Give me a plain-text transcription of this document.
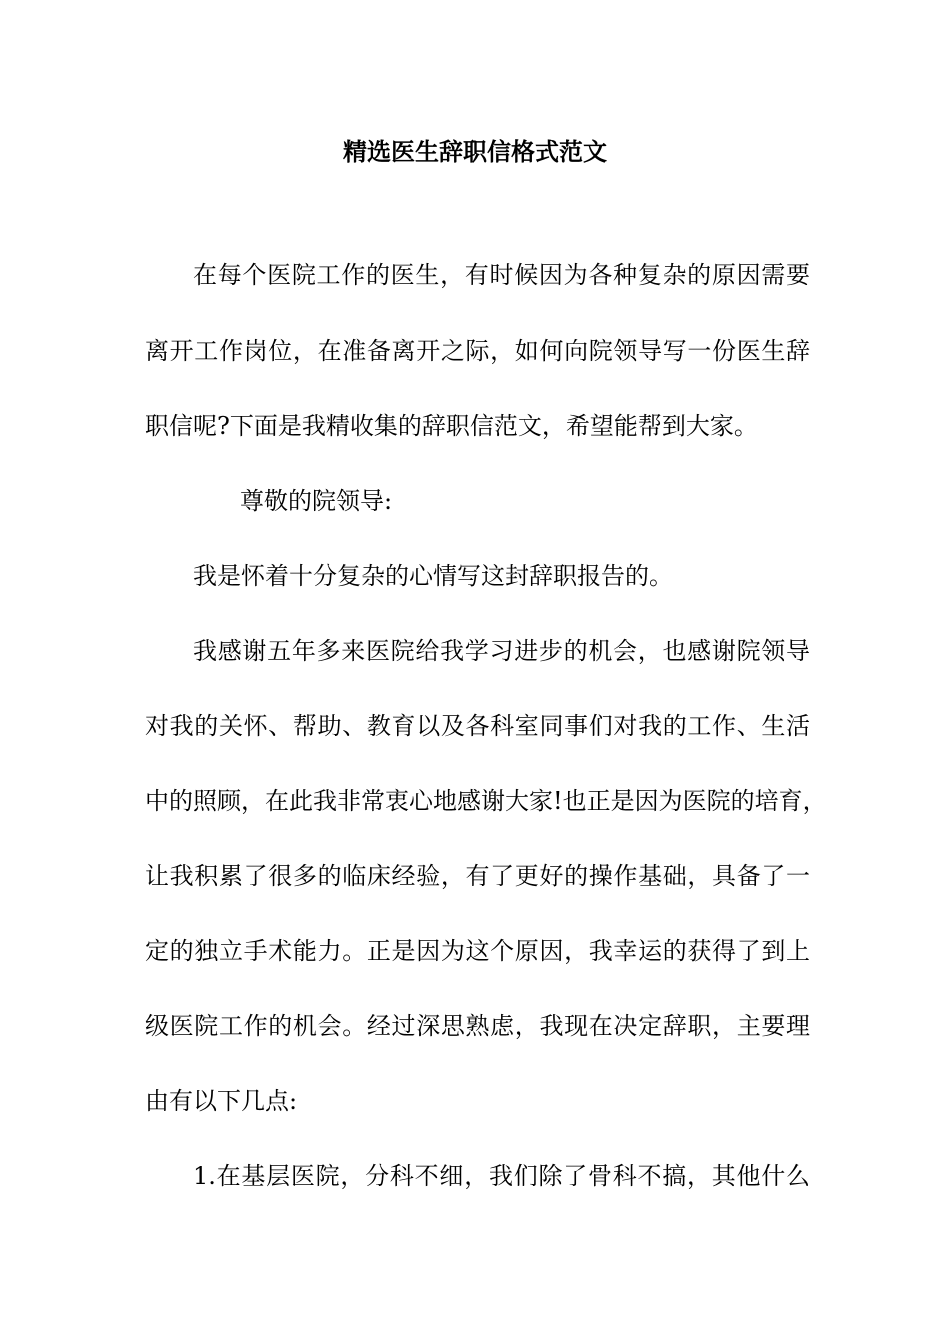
精选医生辞职信格式范文
在每个医院工作的医生，有时候因为各种复杂的原因需要
离开工作岗位，在准备离开之际，如何向院领导写一份医生辞
职信呢?下面是我精收集的辞职信范文，希望能帮到大家。
尊敬的院领导:
我是怀着十分复杂的心情写这封辞职报告的。
我感谢五年多来医院给我学习进步的机会，也感谢院领导
对我的关怀、帮助、教育以及各科室同事们对我的工作、生活
中的照顾，在此我非常衷心地感谢大家!也正是因为医院的培育，
让我积累了很多的临床经验，有了更好的操作基础，具备了一
定的独立手术能力。正是因为这个原因，我幸运的获得了到上
级医院工作的机会。经过深思熟虑，我现在决定辞职，主要理
由有以下几点:
1.在基层医院，分科不细，我们除了骨科不搞，其他什么
